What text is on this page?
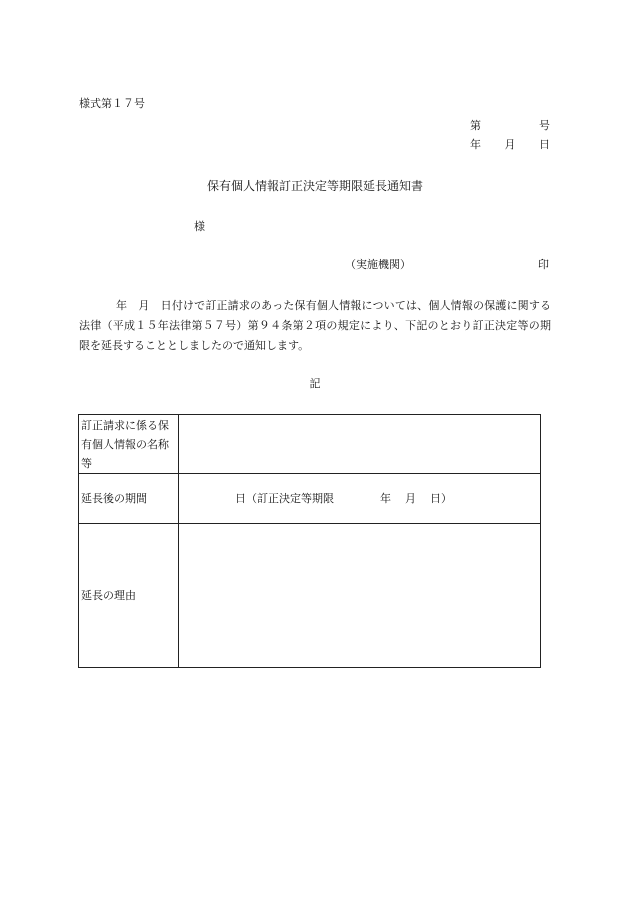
様式第１７号
第	号
年 月 日
保有個人情報訂正決定等期限延長通知書
様
（実施機関）	印
年　月　日付けで訂正請求のあった保有個人情報については、個人情報の保護に関する法律（平成１５年法律第５７号）第９４条第２項の規定により、下記のとおり訂正決定等の期限を延長することとしましたので通知します。
記
訂正請求に係る保有個人情報の名称等	
延長後の期間	日（訂正決定等期限 年 月 日）
延長の理由	
